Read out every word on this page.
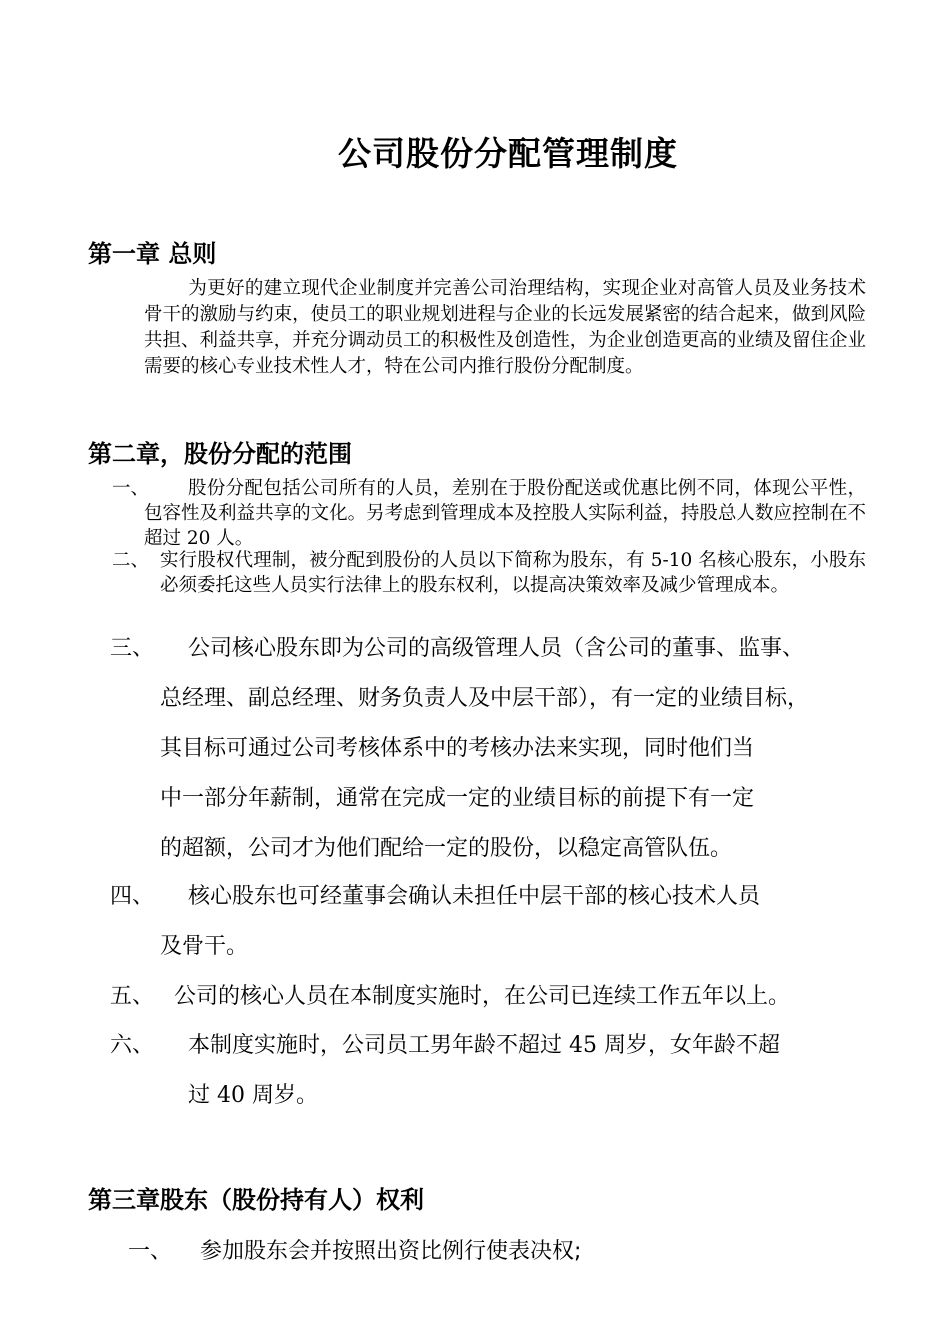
公司股份分配管理制度
第一章 总则
为更好的建立现代企业制度并完善公司治理结构，实现企业对高管人员及业务技术骨干的激励与约束，使员工的职业规划进程与企业的长远发展紧密的结合起来，做到风险共担、利益共享，并充分调动员工的积极性及创造性，为企业创造更高的业绩及留住企业需要的核心专业技术性人才，特在公司内推行股份分配制度。
第二章，股份分配的范围
一、	股份分配包括公司所有的人员，差别在于股份配送或优惠比例不同，体现公平性，包容性及利益共享的文化。另考虑到管理成本及控股人实际利益，持股总人数应控制在不超过 20 人。
二、 实行股权代理制，被分配到股份的人员以下简称为股东，有 5-10 名核心股东，小股东必须委托这些人员实行法律上的股东权利，以提高决策效率及减少管理成本。
三、 公司核心股东即为公司的高级管理人员（含公司的董事、监事、
总经理、副总经理、财务负责人及中层干部），有一定的业绩目标，
其目标可通过公司考核体系中的考核办法来实现，同时他们当
中一部分年薪制，通常在完成一定的业绩目标的前提下有一定
的超额，公司才为他们配给一定的股份，以稳定高管队伍。
四、 核心股东也可经董事会确认未担任中层干部的核心技术人员
及骨干。
五、 公司的核心人员在本制度实施时，在公司已连续工作五年以上。
六、 本制度实施时，公司员工男年龄不超过 45 周岁，女年龄不超
过 40 周岁。
第三章股东（股份持有人）权利
一、 参加股东会并按照出资比例行使表决权;
